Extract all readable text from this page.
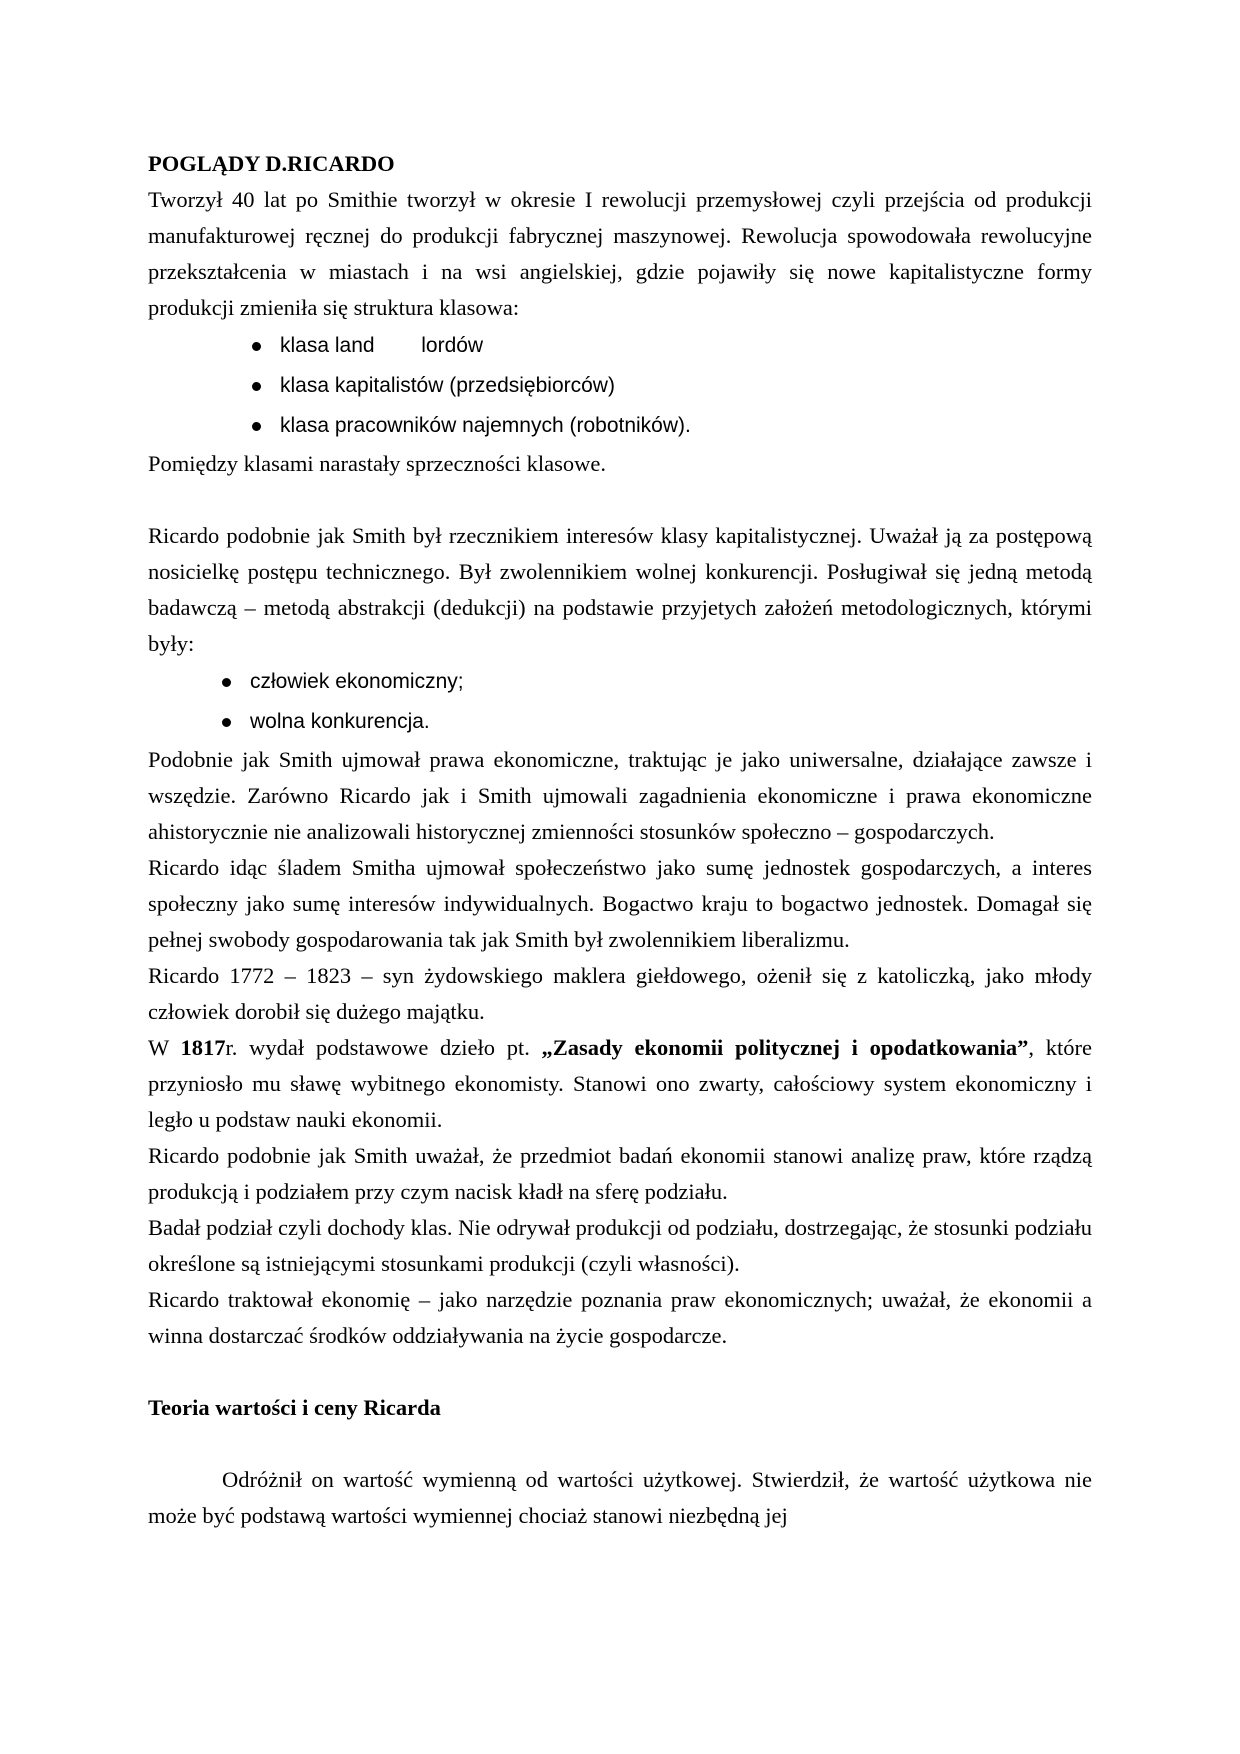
POGLĄDY D.RICARDO

Tworzył 40 lat po Smithie tworzył w okresie I rewolucji przemysłowej czyli przejścia od produkcji manufakturowej ręcznej do produkcji fabrycznej maszynowej. Rewolucja spowodowała rewolucyjne przekształcenia w miastach i na wsi angielskiej, gdzie pojawiły się nowe kapitalistyczne formy produkcji zmieniła się struktura klasowa:

klasa land        lordów
klasa kapitalistów (przedsiębiorców)
klasa pracowników najemnych (robotników).

Pomiędzy klasami narastały sprzeczności klasowe.

Ricardo podobnie jak Smith był rzecznikiem interesów klasy kapitalistycznej. Uważał ją za postępową nosicielkę postępu technicznego. Był zwolennikiem wolnej konkurencji. Posługiwał się jedną metodą badawczą – metodą abstrakcji (dedukcji) na podstawie przyjetych założeń metodologicznych, którymi były:

człowiek ekonomiczny;
wolna konkurencja.

Podobnie jak Smith ujmował prawa ekonomiczne, traktując je jako uniwersalne, działające zawsze i wszędzie. Zarówno Ricardo jak i Smith ujmowali zagadnienia ekonomiczne i prawa ekonomiczne ahistorycznie nie analizowali historycznej zmienności stosunków społeczno – gospodarczych.

Ricardo idąc śladem Smitha ujmował społeczeństwo jako sumę jednostek gospodarczych, a interes społeczny jako sumę interesów indywidualnych. Bogactwo kraju to bogactwo jednostek. Domagał się pełnej swobody gospodarowania tak jak Smith był zwolennikiem liberalizmu.

Ricardo 1772 – 1823 – syn żydowskiego maklera giełdowego, ożenił się z katoliczką, jako młody człowiek dorobił się dużego majątku.

W 1817r. wydał podstawowe dzieło pt. „Zasady ekonomii politycznej i opodatkowania”, które przyniosło mu sławę wybitnego ekonomisty. Stanowi ono zwarty, całościowy system ekonomiczny i legło u podstaw nauki ekonomii.

Ricardo podobnie jak Smith uważał, że przedmiot badań ekonomii stanowi analizę praw, które rządzą produkcją i podziałem przy czym nacisk kładł na sferę podziału.

Badał podział czyli dochody klas. Nie odrywał produkcji od podziału, dostrzegając, że stosunki podziału określone są istniejącymi stosunkami produkcji (czyli własności).

Ricardo traktował ekonomię – jako narzędzie poznania praw ekonomicznych; uważał, że ekonomii a winna dostarczać środków oddziaływania na życie gospodarcze.

Teoria wartości i ceny Ricarda

Odróżnił on wartość wymienną od wartości użytkowej. Stwierdził, że wartość użytkowa nie może być podstawą wartości wymiennej chociaż stanowi niezbędną jej
